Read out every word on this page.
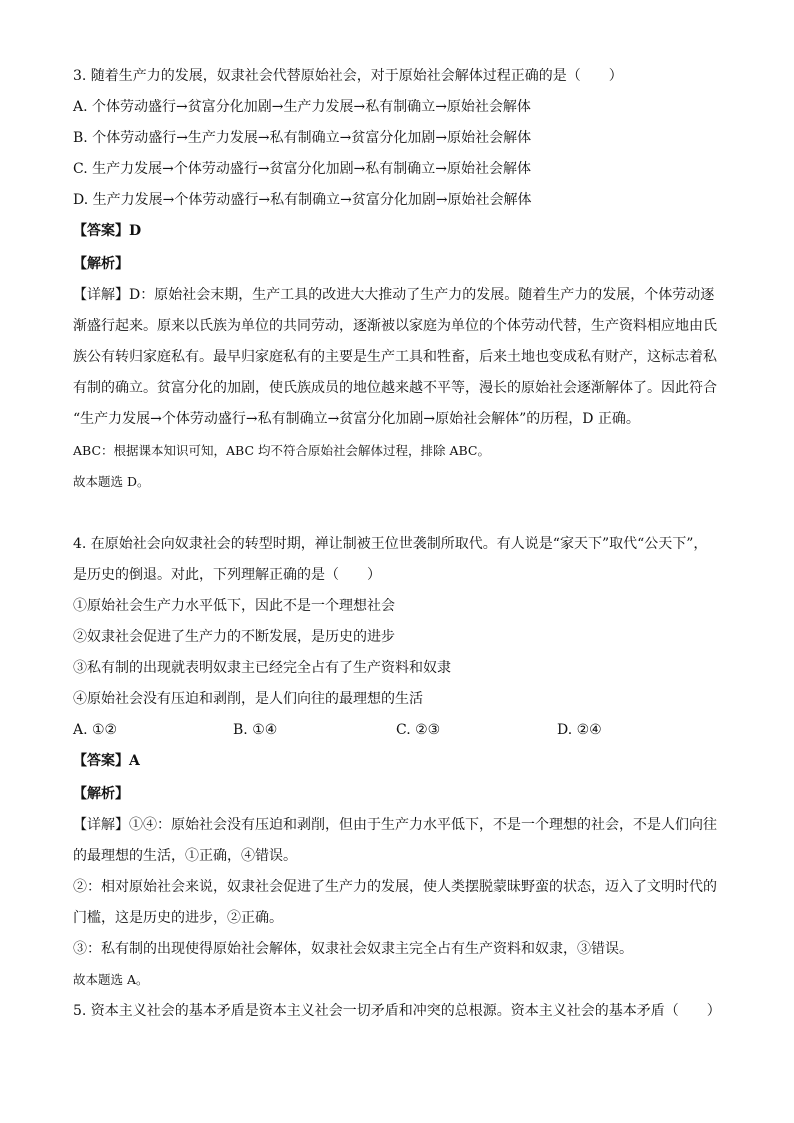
3. 随着生产力的发展，奴隶社会代替原始社会，对于原始社会解体过程正确的是（　　）
A. 个体劳动盛行→贫富分化加剧→生产力发展→私有制确立→原始社会解体
B. 个体劳动盛行→生产力发展→私有制确立→贫富分化加剧→原始社会解体
C. 生产力发展→个体劳动盛行→贫富分化加剧→私有制确立→原始社会解体
D. 生产力发展→个体劳动盛行→私有制确立→贫富分化加剧→原始社会解体
【答案】D
【解析】
【详解】D：原始社会末期，生产工具的改进大大推动了生产力的发展。随着生产力的发展，个体劳动逐
渐盛行起来。原来以氏族为单位的共同劳动，逐渐被以家庭为单位的个体劳动代替，生产资料相应地由氏
族公有转归家庭私有。最早归家庭私有的主要是生产工具和牲畜，后来土地也变成私有财产，这标志着私
有制的确立。贫富分化的加剧，使氏族成员的地位越来越不平等，漫长的原始社会逐渐解体了。因此符合
“生产力发展→个体劳动盛行→私有制确立→贫富分化加剧→原始社会解体”的历程，D 正确。
ABC：根据课本知识可知，ABC 均不符合原始社会解体过程，排除 ABC。
故本题选 D。
4. 在原始社会向奴隶社会的转型时期，禅让制被王位世袭制所取代。有人说是“家天下”取代“公天下”，
是历史的倒退。对此，下列理解正确的是（　　）
①原始社会生产力水平低下，因此不是一个理想社会
②奴隶社会促进了生产力的不断发展，是历史的进步
③私有制的出现就表明奴隶主已经完全占有了生产资料和奴隶
④原始社会没有压迫和剥削，是人们向往的最理想的生活
A. ①②	B. ①④	C. ②③	D. ②④
【答案】A
【解析】
【详解】①④：原始社会没有压迫和剥削，但由于生产力水平低下，不是一个理想的社会，不是人们向往
的最理想的生活，①正确，④错误。
②：相对原始社会来说，奴隶社会促进了生产力的发展，使人类摆脱蒙昧野蛮的状态，迈入了文明时代的
门槛，这是历史的进步，②正确。
③：私有制的出现使得原始社会解体，奴隶社会奴隶主完全占有生产资料和奴隶，③错误。
故本题选 A。
5. 资本主义社会的基本矛盾是资本主义社会一切矛盾和冲突的总根源。资本主义社会的基本矛盾（　　）
